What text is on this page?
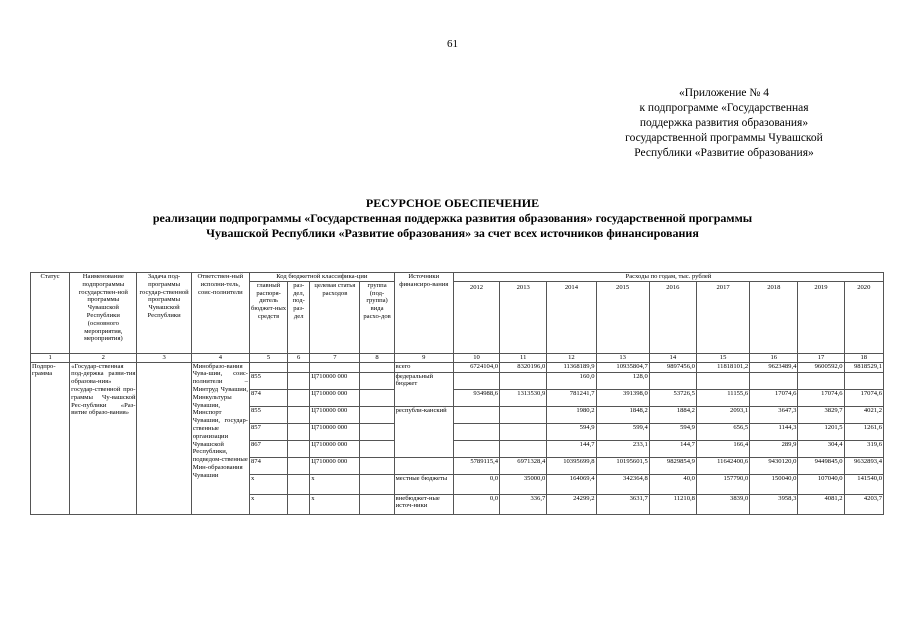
61
«Приложение № 4
к подпрограмме «Государственная
поддержка развития образования»
государственной программы Чувашской
Республики «Развитие образования»
РЕСУРСНОЕ ОБЕСПЕЧЕНИЕ
реализации подпрограммы «Государственная поддержка развития образования» государственной программы
Чувашской Республики «Развитие образования» за счет всех источников финансирования
Статус	Наименование подпрограммы государствен-ной программы Чувашской Республики (основного мероприятия, мероприятия)	Задача под-программы государ-ственной программы Чувашской Республики	Ответствен-ный исполни-тель, соис-полнители	Код бюджетной классифика-ции				Источники финансиро-вания	Расходы по годам, тыс. рублей								
				главный распоря-дитель бюджет-ных средств	раз-дел, под-раз-дел	целевая статья расходов	группа (под-группа) вида расхо-дов		2012	2013	2014	2015	2016	2017	2018	2019	2020
1	2	3	4	5	6	7	8	9	10	11	12	13	14	15	16	17	18
Подпро-грамма	«Государ-ственная под-держка разви-тия образова-ния» государ-ственной про-граммы Чу-вашской Рес-публики «Раз-витие образо-вания»		Минобразо-вания Чува-шии, соис-полнители – Минтруд Чувашии, Минкультуры Чувашии, Минспорт Чувашии, государ-ственные организации Чувашской Республики, подведом-ственные Мин-образования Чувашии					всего	6724104,0	8320196,0	11368189,9	10935804,7	9897456,0	11818101,2	9623489,4	9600592,0	9818529,1
				855		Ц710000 000		федеральный бюджет			160,0	128,0					
				874		Ц710000 000			934988,6	1313530,9	781241,7	391398,0	53726,5	11155,6	17074,6	17074,6	17074,6
				855		Ц710000 000		республи-канский			1980,2	1848,2	1884,2	2093,1	3647,3	3829,7	4021,2
				857		Ц710000 000					594,9	599,4	594,9	656,5	1144,3	1201,5	1261,6
				867		Ц710000 000					144,7	233,1	144,7	166,4	289,9	304,4	319,6
				874		Ц710000 000			5789115,4	6971328,4	10395699,8	10195601,5	9829854,9	11642400,6	9430120,0	9449845,0	9632893,4
				х		х		местные бюджеты	0,0	35000,0	164069,4	342364,8	40,0	157790,0	150040,0	107040,0	141540,0
				х		х		внебюджет-ные источ-ники	0,0	336,7	24299,2	3631,7	11210,8	3839,0	3958,3	4081,2	4203,7
